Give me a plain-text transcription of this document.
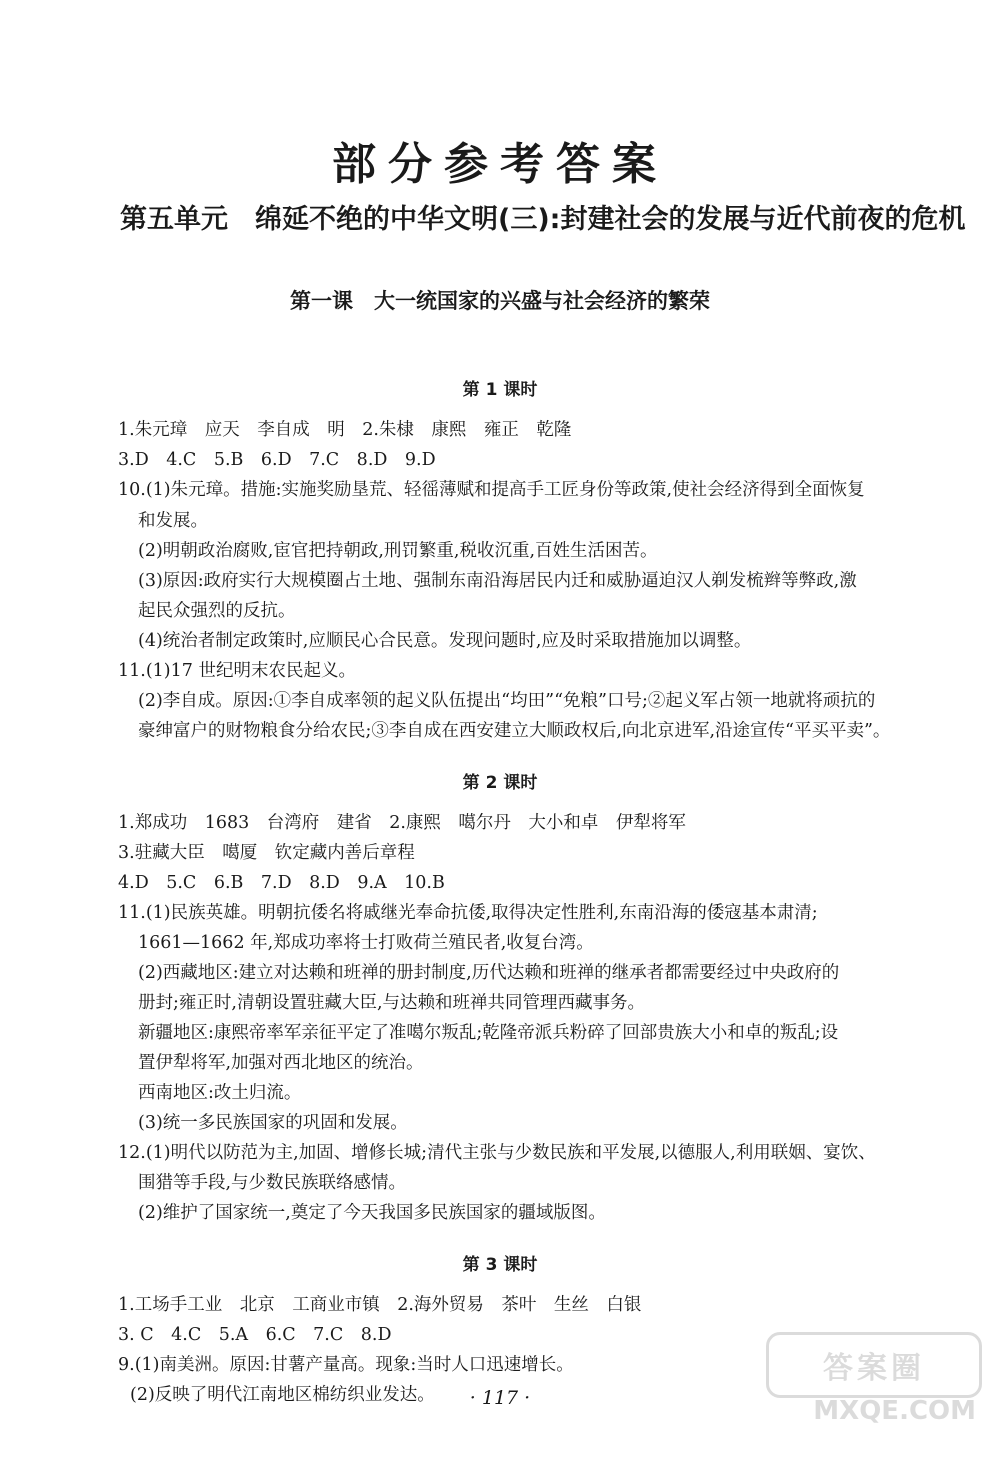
部分参考答案
第五单元　绵延不绝的中华文明(三):封建社会的发展与近代前夜的危机
第一课　大一统国家的兴盛与社会经济的繁荣
第 1 课时
1.朱元璋　应天　李自成　明　2.朱棣　康熙　雍正　乾隆
3.D　4.C　5.B　6.D　7.C　8.D　9.D
10.(1)朱元璋。措施:实施奖励垦荒、轻徭薄赋和提高手工匠身份等政策,使社会经济得到全面恢复
和发展。
(2)明朝政治腐败,宦官把持朝政,刑罚繁重,税收沉重,百姓生活困苦。
(3)原因:政府实行大规模圈占土地、强制东南沿海居民内迁和威胁逼迫汉人剃发梳辫等弊政,激
起民众强烈的反抗。
(4)统治者制定政策时,应顺民心合民意。发现问题时,应及时采取措施加以调整。
11.(1)17 世纪明末农民起义。
(2)李自成。原因:①李自成率领的起义队伍提出“均田”“免粮”口号;②起义军占领一地就将顽抗的
豪绅富户的财物粮食分给农民;③李自成在西安建立大顺政权后,向北京进军,沿途宣传“平买平卖”。
第 2 课时
1.郑成功　1683　台湾府　建省　2.康熙　噶尔丹　大小和卓　伊犁将军
3.驻藏大臣　噶厦　钦定藏内善后章程
4.D　5.C　6.B　7.D　8.D　9.A　10.B
11.(1)民族英雄。明朝抗倭名将戚继光奉命抗倭,取得决定性胜利,东南沿海的倭寇基本肃清;
1661—1662 年,郑成功率将士打败荷兰殖民者,收复台湾。
(2)西藏地区:建立对达赖和班禅的册封制度,历代达赖和班禅的继承者都需要经过中央政府的
册封;雍正时,清朝设置驻藏大臣,与达赖和班禅共同管理西藏事务。
新疆地区:康熙帝率军亲征平定了准噶尔叛乱;乾隆帝派兵粉碎了回部贵族大小和卓的叛乱;设
置伊犁将军,加强对西北地区的统治。
西南地区:改土归流。
(3)统一多民族国家的巩固和发展。
12.(1)明代以防范为主,加固、增修长城;清代主张与少数民族和平发展,以德服人,利用联姻、宴饮、
围猎等手段,与少数民族联络感情。
(2)维护了国家统一,奠定了今天我国多民族国家的疆域版图。
第 3 课时
1.工场手工业　北京　工商业市镇　2.海外贸易　茶叶　生丝　白银
3. C　4.C　5.A　6.C　7.C　8.D
9.(1)南美洲。原因:甘薯产量高。现象:当时人口迅速增长。
(2)反映了明代江南地区棉纺织业发达。	· 117 ·
答案圈
MXQE.COM
